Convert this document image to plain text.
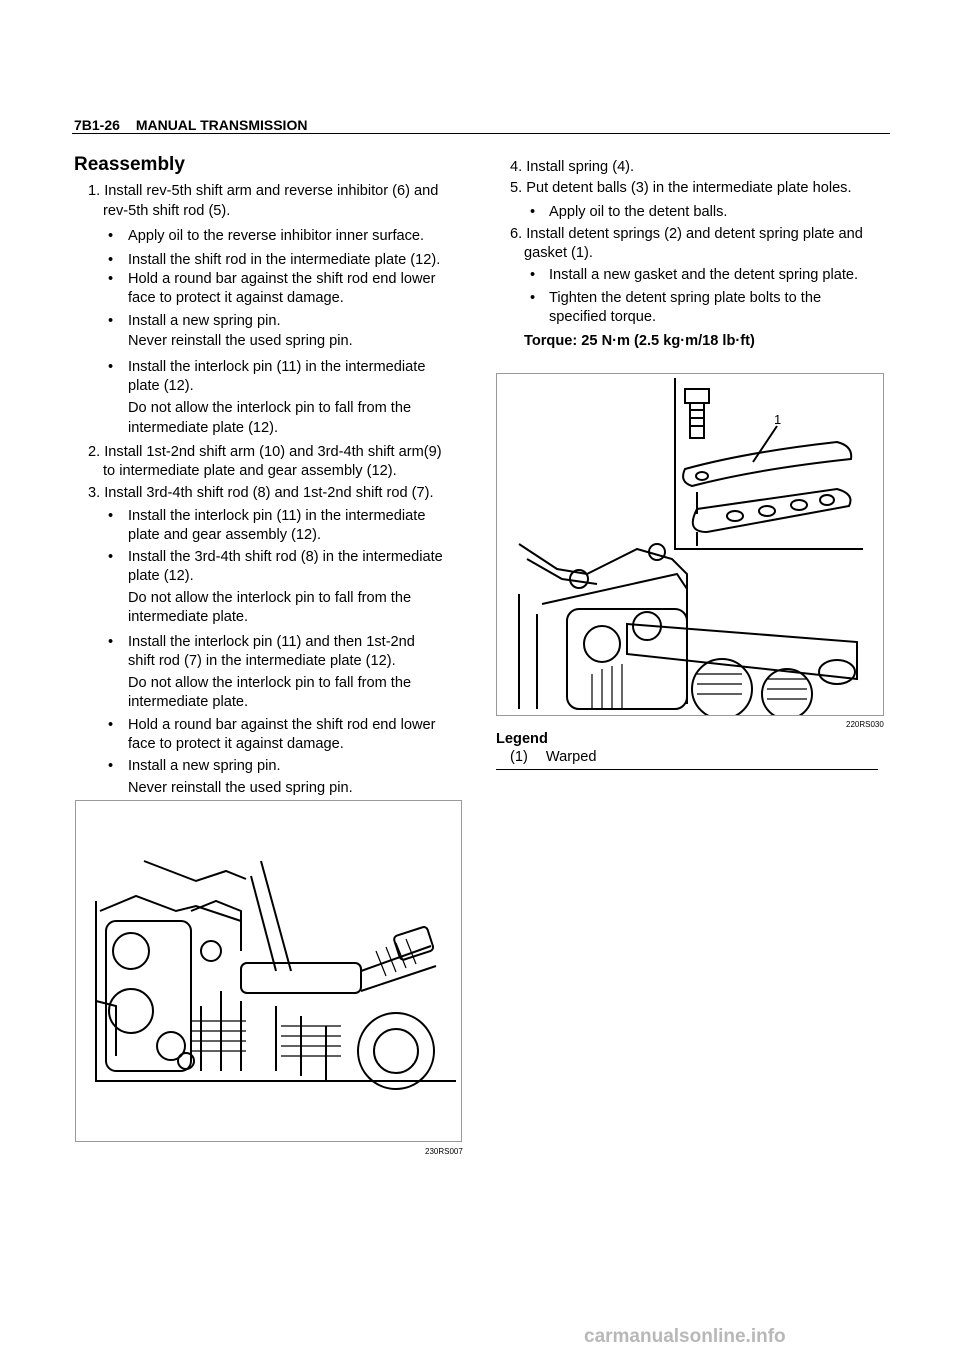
7B1-26 MANUAL TRANSMISSION
Reassembly
1. Install rev-5th shift arm and reverse inhibitor (6) and
rev-5th shift rod (5).
• Apply oil to the reverse inhibitor inner surface.
• Install the shift rod in the intermediate plate (12).
• Hold a round bar against the shift rod end lower
face to protect it against damage.
• Install a new spring pin.
Never reinstall the used spring pin.
• Install the interlock pin (11) in the intermediate
plate (12).
Do not allow the interlock pin to fall from the
intermediate plate (12).
2. Install 1st-2nd shift arm (10) and 3rd-4th shift arm(9)
to intermediate plate and gear assembly (12).
3. Install 3rd-4th shift rod (8) and 1st-2nd shift rod (7).
• Install the interlock pin (11) in the intermediate
plate and gear assembly (12).
• Install the 3rd-4th shift rod (8) in the intermediate
plate (12).
Do not allow the interlock pin to fall from the
intermediate plate.
• Install the interlock pin (11) and then 1st-2nd
shift rod (7) in the intermediate plate (12).
Do not allow the interlock pin to fall from the
intermediate plate.
• Hold a round bar against the shift rod end lower
face to protect it against damage.
• Install a new spring pin.
Never reinstall the used spring pin.
230RS007
4. Install spring (4).
5. Put detent balls (3) in the intermediate plate holes.
• Apply oil to the detent balls.
6. Install detent springs (2) and detent spring plate and
gasket (1).
• Install a new gasket and the detent spring plate.
• Tighten the detent spring plate bolts to the
specified torque.
Torque: 25 N·m (2.5 kg·m/18 lb·ft)
1
220RS030
Legend
(1) Warped
carmanualsonline.info
